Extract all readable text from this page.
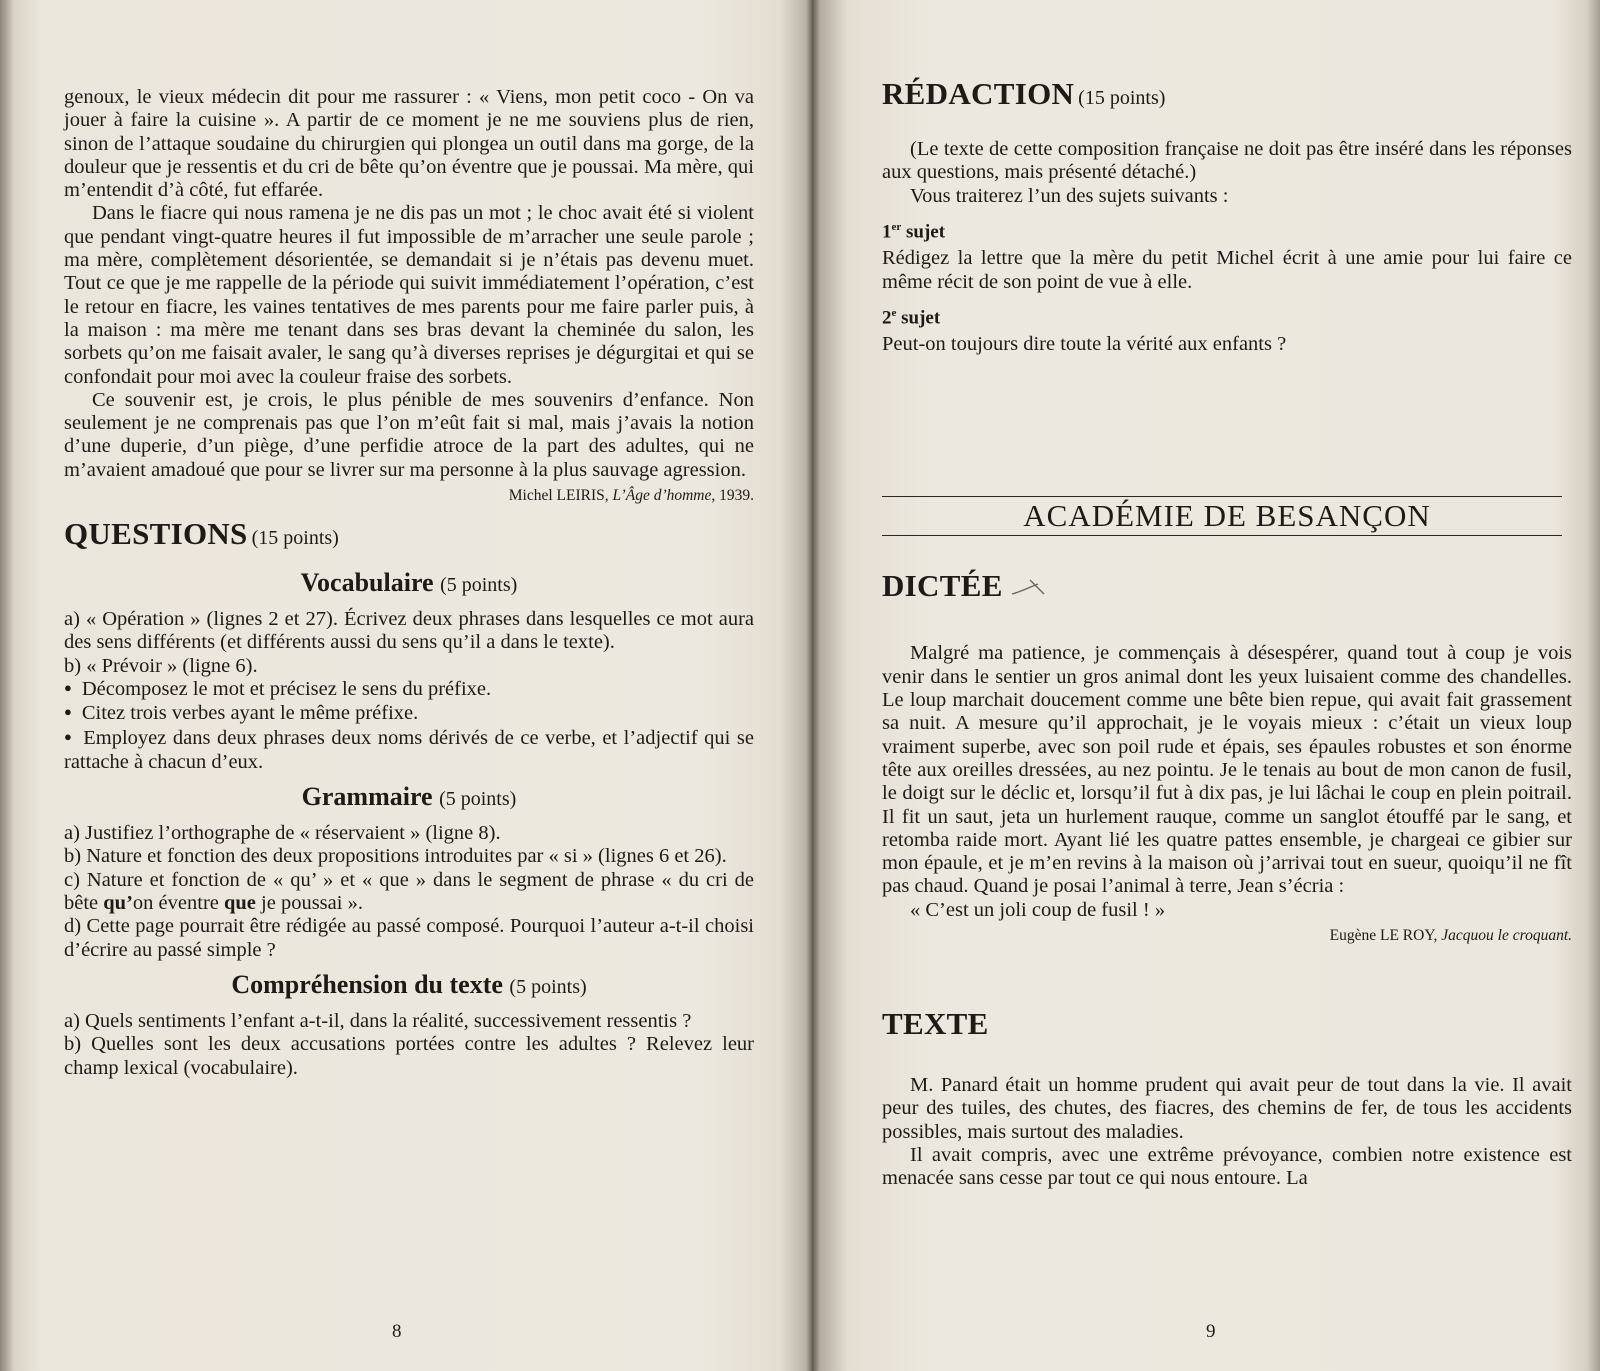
genoux, le vieux médecin dit pour me rassurer : « Viens, mon petit coco - On va jouer à faire la cuisine ». A partir de ce moment je ne me souviens plus de rien, sinon de l’attaque soudaine du chirurgien qui plongea un outil dans ma gorge, de la douleur que je ressentis et du cri de bête qu’on éventre que je poussai. Ma mère, qui m’entendit d’à côté, fut effarée.

Dans le fiacre qui nous ramena je ne dis pas un mot ; le choc avait été si violent que pendant vingt-quatre heures il fut impossible de m’arracher une seule parole ; ma mère, complètement désorientée, se demandait si je n’étais pas devenu muet. Tout ce que je me rappelle de la période qui suivit immédiatement l’opération, c’est le retour en fiacre, les vaines tentatives de mes parents pour me faire parler puis, à la maison : ma mère me tenant dans ses bras devant la cheminée du salon, les sorbets qu’on me faisait avaler, le sang qu’à diverses reprises je dégurgitai et qui se confondait pour moi avec la couleur fraise des sorbets.

Ce souvenir est, je crois, le plus pénible de mes souvenirs d’enfance. Non seulement je ne comprenais pas que l’on m’eût fait si mal, mais j’avais la notion d’une duperie, d’un piège, d’une perfidie atroce de la part des adultes, qui ne m’avaient amadoué que pour se livrer sur ma personne à la plus sauvage agression.

Michel LEIRIS, L’Âge d’homme, 1939.
QUESTIONS (15 points)
Vocabulaire (5 points)

a) « Opération » (lignes 2 et 27). Écrivez deux phrases dans lesquelles ce mot aura des sens différents (et différents aussi du sens qu’il a dans le texte).

b) « Prévoir » (ligne 6).

● Décomposez le mot et précisez le sens du préfixe.

● Citez trois verbes ayant le même préfixe.

● Employez dans deux phrases deux noms dérivés de ce verbe, et l’adjectif qui se rattache à chacun d’eux.

Grammaire (5 points)

a) Justifiez l’orthographe de « réservaient » (ligne 8).

b) Nature et fonction des deux propositions introduites par « si » (lignes 6 et 26).

c) Nature et fonction de « qu’ » et « que » dans le segment de phrase « du cri de bête qu’on éventre que je poussai ».

d) Cette page pourrait être rédigée au passé composé. Pourquoi l’auteur a-t-il choisi d’écrire au passé simple ?

Compréhension du texte (5 points)

a) Quels sentiments l’enfant a-t-il, dans la réalité, successivement ressentis ?

b) Quelles sont les deux accusations portées contre les adultes ? Relevez leur champ lexical (vocabulaire).

8
RÉDACTION (15 points)

(Le texte de cette composition française ne doit pas être inséré dans les réponses aux questions, mais présenté détaché.)

Vous traiterez l’un des sujets suivants :

1er sujet

Rédigez la lettre que la mère du petit Michel écrit à une amie pour lui faire ce même récit de son point de vue à elle.

2e sujet

Peut-on toujours dire toute la vérité aux enfants ?

ACADÉMIE DE BESANÇON
DICTÉE

Malgré ma patience, je commençais à désespérer, quand tout à coup je vois venir dans le sentier un gros animal dont les yeux luisaient comme des chandelles. Le loup marchait doucement comme une bête bien repue, qui avait fait grassement sa nuit. A mesure qu’il approchait, je le voyais mieux : c’était un vieux loup vraiment superbe, avec son poil rude et épais, ses épaules robustes et son énorme tête aux oreilles dressées, au nez pointu. Je le tenais au bout de mon canon de fusil, le doigt sur le déclic et, lorsqu’il fut à dix pas, je lui lâchai le coup en plein poitrail. Il fit un saut, jeta un hurlement rauque, comme un sanglot étouffé par le sang, et retomba raide mort. Ayant lié les quatre pattes ensemble, je chargeai ce gibier sur mon épaule, et je m’en revins à la maison où j’arrivai tout en sueur, quoiqu’il ne fît pas chaud. Quand je posai l’animal à terre, Jean s’écria :

« C’est un joli coup de fusil ! »

Eugène LE ROY, Jacquou le croquant.
TEXTE

M. Panard était un homme prudent qui avait peur de tout dans la vie. Il avait peur des tuiles, des chutes, des fiacres, des chemins de fer, de tous les accidents possibles, mais surtout des maladies.

Il avait compris, avec une extrême prévoyance, combien notre existence est menacée sans cesse par tout ce qui nous entoure. La

9
